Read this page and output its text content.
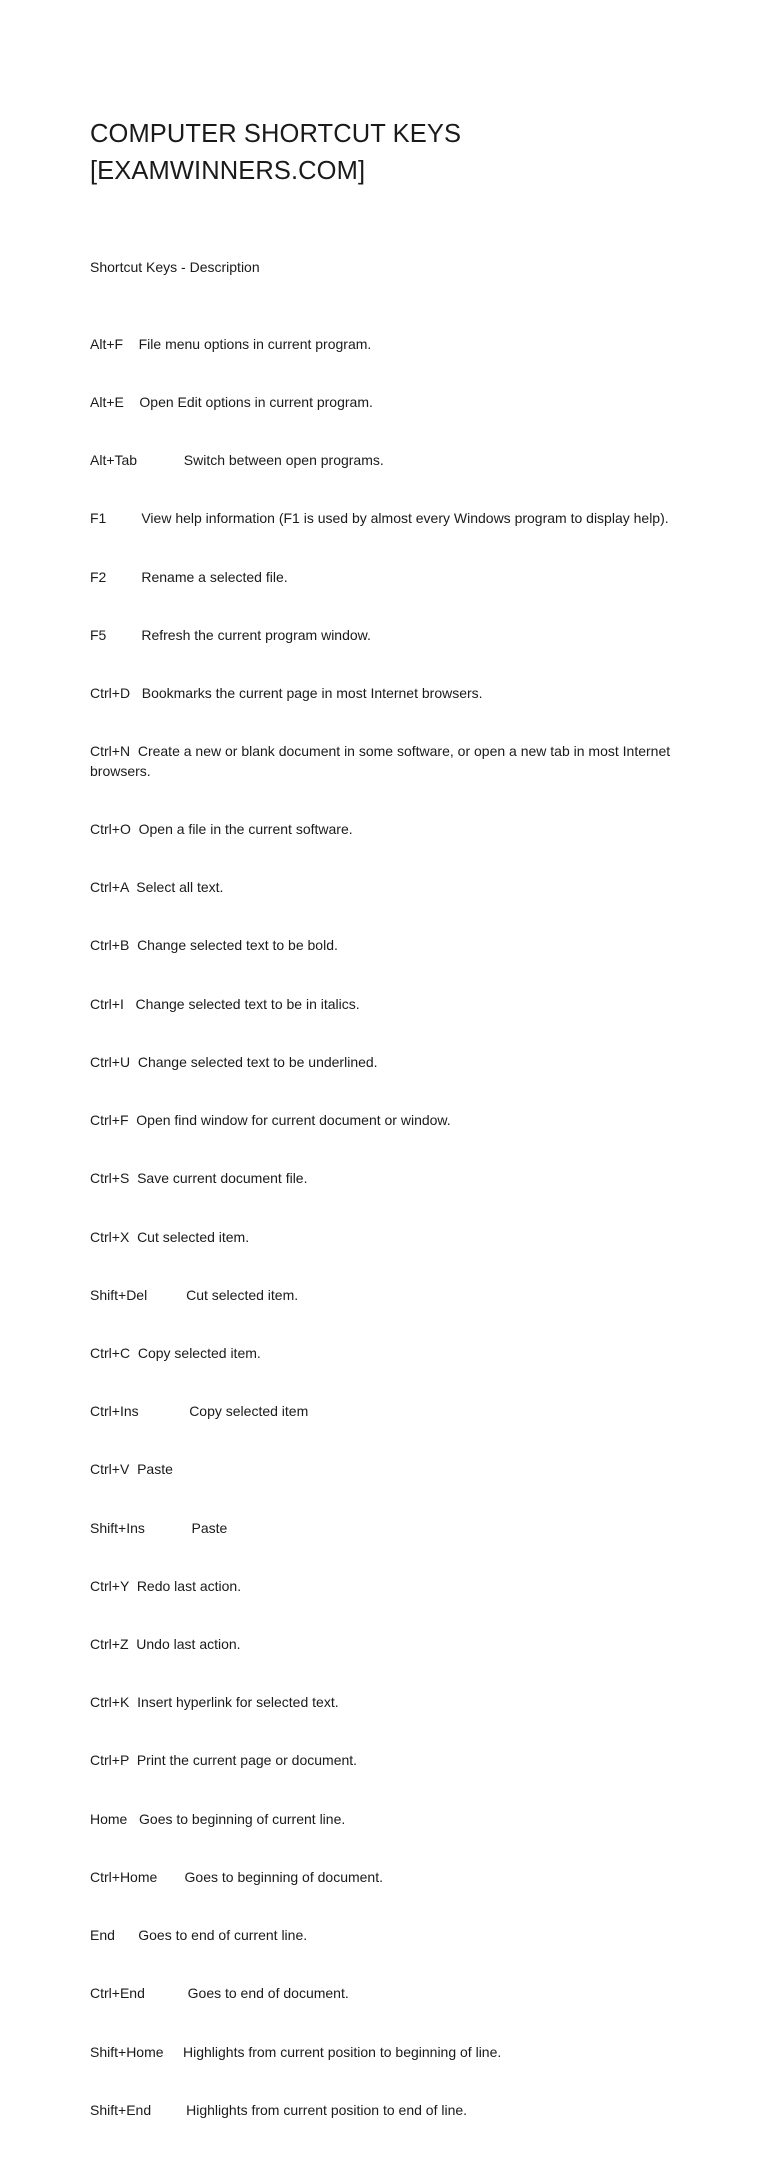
COMPUTER SHORTCUT KEYS
[EXAMWINNERS.COM]

Shortcut Keys - Description

Alt+F    File menu options in current program.

Alt+E    Open Edit options in current program.

Alt+Tab            Switch between open programs.

F1         View help information (F1 is used by almost every Windows program to display help).

F2         Rename a selected file.

F5         Refresh the current program window.

Ctrl+D   Bookmarks the current page in most Internet browsers.

Ctrl+N  Create a new or blank document in some software, or open a new tab in most Internet browsers.

Ctrl+O  Open a file in the current software.

Ctrl+A  Select all text.

Ctrl+B  Change selected text to be bold.

Ctrl+I   Change selected text to be in italics.

Ctrl+U  Change selected text to be underlined.

Ctrl+F  Open find window for current document or window.

Ctrl+S  Save current document file.

Ctrl+X  Cut selected item.

Shift+Del          Cut selected item.

Ctrl+C  Copy selected item.

Ctrl+Ins             Copy selected item

Ctrl+V  Paste

Shift+Ins            Paste

Ctrl+Y  Redo last action.

Ctrl+Z  Undo last action.

Ctrl+K  Insert hyperlink for selected text.

Ctrl+P  Print the current page or document.

Home   Goes to beginning of current line.

Ctrl+Home       Goes to beginning of document.

End      Goes to end of current line.

Ctrl+End           Goes to end of document.

Shift+Home     Highlights from current position to beginning of line.

Shift+End         Highlights from current position to end of line.
